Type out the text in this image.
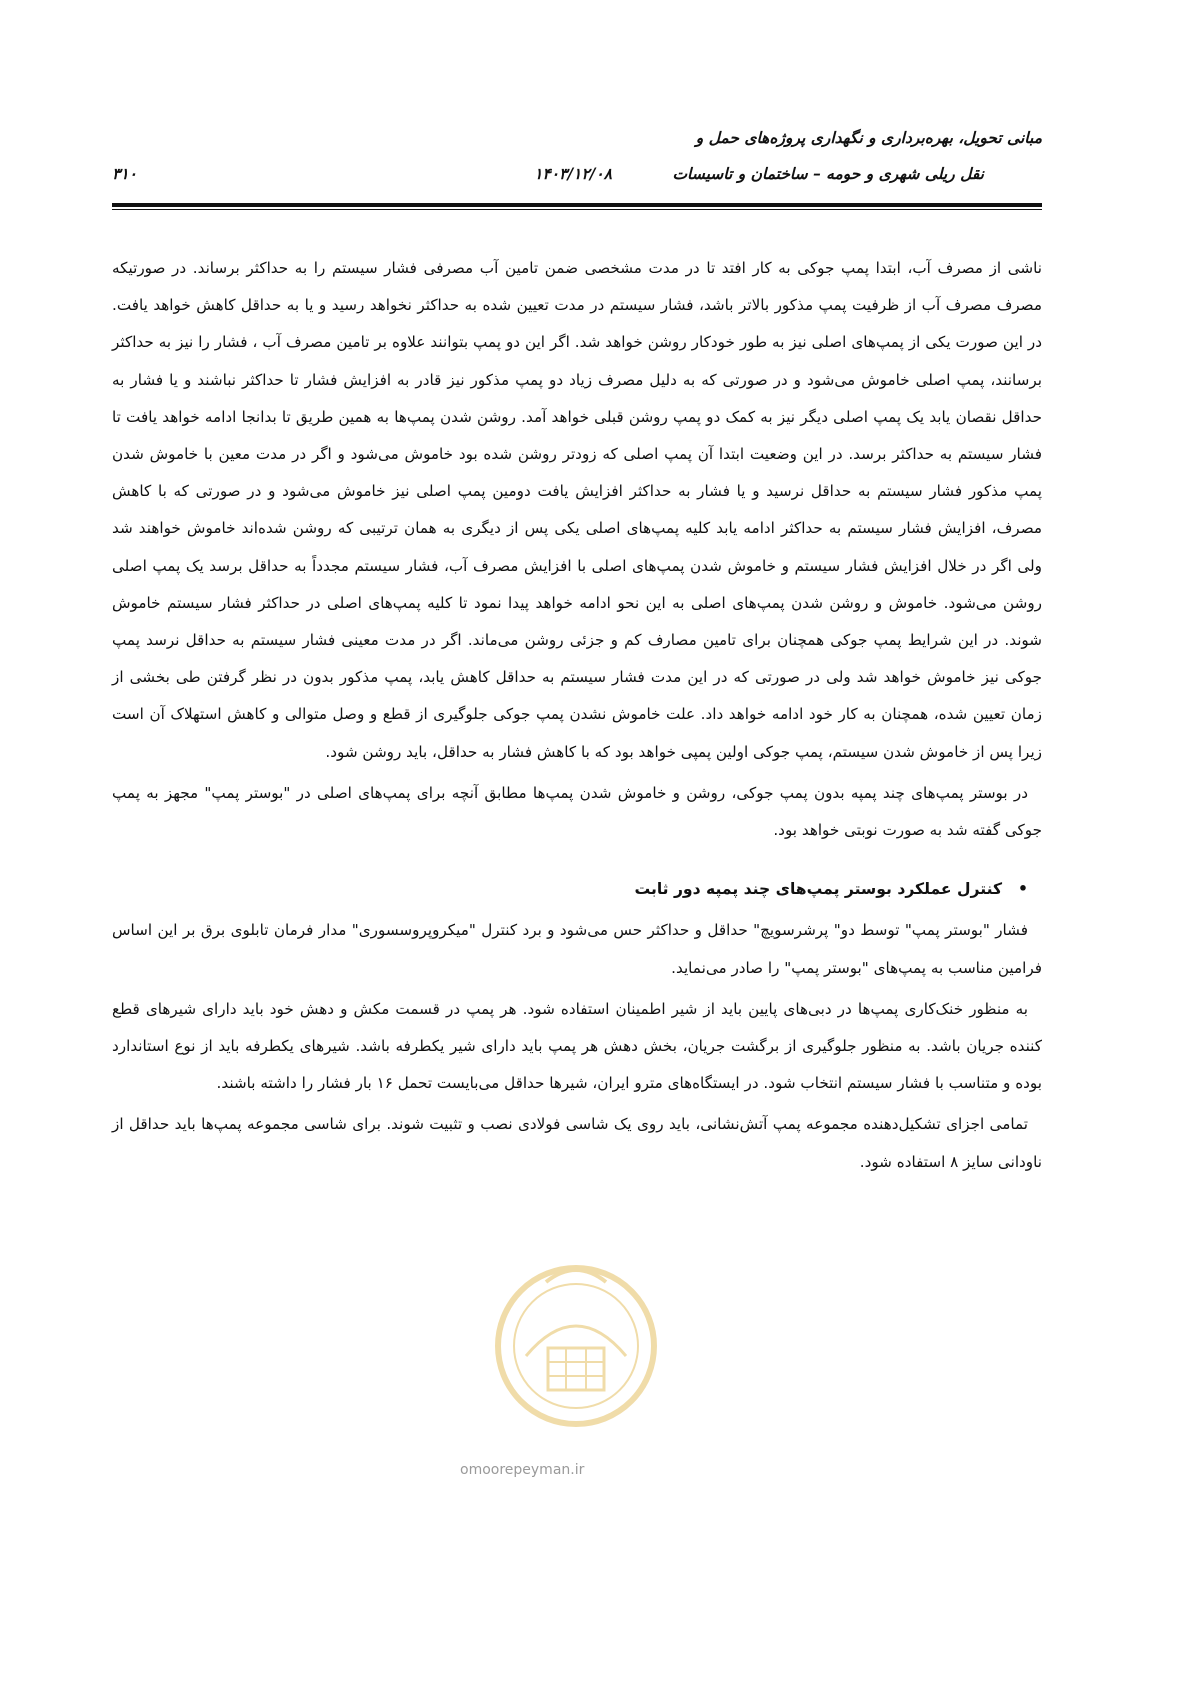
مبانی تحویل، بهره‌برداری و نگهداری پروژه‌های حمل و
نقل ریلی شهری و حومه – ساختمان و تاسیسات
۱۴۰۳/۱۲/۰۸
۳۱۰

ناشی از مصرف آب، ابتدا پمپ جوکی به کار افتد تا در مدت مشخصی ضمن تامین آب مصرفی فشار سیستم را به حداکثر برساند. در صورتیکه مصرف مصرف آب از ظرفیت پمپ مذکور بالاتر باشد، فشار سیستم در مدت تعیین شده به حداکثر نخواهد رسید و یا به حداقل کاهش خواهد یافت. در این صورت یکی از پمپ‌های اصلی نیز به طور خودکار روشن خواهد شد. اگر این دو پمپ بتوانند علاوه بر تامین مصرف آب ، فشار را نیز به حداکثر برسانند، پمپ اصلی خاموش می‌شود و در صورتی که به دلیل مصرف زیاد دو پمپ مذکور نیز قادر به افزایش فشار تا حداکثر نباشند و یا فشار به حداقل نقصان یابد یک پمپ اصلی دیگر نیز به کمک دو پمپ روشن قبلی خواهد آمد. روشن شدن پمپ‌ها به همین طریق تا بدانجا ادامه خواهد یافت تا فشار سیستم به حداکثر برسد. در این وضعیت ابتدا آن پمپ اصلی که زودتر روشن شده بود خاموش می‌شود و اگر در مدت معین با خاموش شدن پمپ مذکور فشار سیستم به حداقل نرسید و یا فشار به حداکثر افزایش یافت دومین پمپ اصلی نیز خاموش می‌شود و در صورتی که با کاهش مصرف، افزایش فشار سیستم به حداکثر ادامه یابد کلیه پمپ‌های اصلی یکی پس از دیگری به همان ترتیبی که روشن شده‌اند خاموش خواهند شد ولی اگر در خلال افزایش فشار سیستم و خاموش شدن پمپ‌های اصلی با افزایش مصرف آب، فشار سیستم مجدداً به حداقل برسد یک پمپ اصلی روشن می‌شود. خاموش و روشن شدن پمپ‌های اصلی به این نحو ادامه خواهد پیدا نمود تا کلیه پمپ‌های اصلی در حداکثر فشار سیستم خاموش شوند. در این شرایط پمپ جوکی همچنان برای تامین مصارف کم و جزئی روشن می‌ماند. اگر در مدت معینی فشار سیستم به حداقل نرسد پمپ جوکی نیز خاموش خواهد شد ولی در صورتی که در این مدت فشار سیستم به حداقل کاهش یابد، پمپ مذکور بدون در نظر گرفتن طی بخشی از زمان تعیین شده، همچنان به کار خود ادامه خواهد داد. علت خاموش نشدن پمپ جوکی جلوگیری از قطع و وصل متوالی و کاهش استهلاک آن است زیرا پس از خاموش شدن سیستم، پمپ جوکی اولین پمپی خواهد بود که با کاهش فشار به حداقل، باید روشن شود.

در بوستر پمپ‌های چند پمپه بدون پمپ جوکی، روشن و خاموش شدن پمپ‌ها مطابق آنچه برای پمپ‌های اصلی در "بوستر پمپ" مجهز به پمپ جوکی گفته شد به صورت نوبتی خواهد بود.

•کنترل عملکرد بوستر پمپ‌های چند پمپه دور ثابت

فشار "بوستر پمپ" توسط دو" پرشرسویچ" حداقل و حداکثر حس می‌شود و برد کنترل "میکروپروسسوری" مدار فرمان تابلوی برق بر این اساس فرامین مناسب به پمپ‌های "بوستر پمپ" را صادر می‌نماید.

به منظور خنک‌کاری پمپ‌ها در دبی‌های پایین باید از شیر اطمینان استفاده شود. هر پمپ در قسمت مکش و دهش خود باید دارای شیرهای قطع کننده جریان باشد. به منظور جلوگیری از برگشت جریان، بخش دهش هر پمپ باید دارای شیر یکطرفه باشد. شیرهای یکطرفه باید از نوع استاندارد بوده و متناسب با فشار سیستم انتخاب شود. در ایستگاه‌های مترو ایران، شیرها حداقل می‌بایست تحمل ۱۶ بار فشار را داشته باشند.

تمامی اجزای تشکیل‌دهنده مجموعه پمپ آتش‌نشانی، باید روی یک شاسی فولادی نصب و تثبیت شوند. برای شاسی مجموعه پمپ‌ها باید حداقل از ناودانی سایز ۸ استفاده شود.

omoorepeyman.ir
